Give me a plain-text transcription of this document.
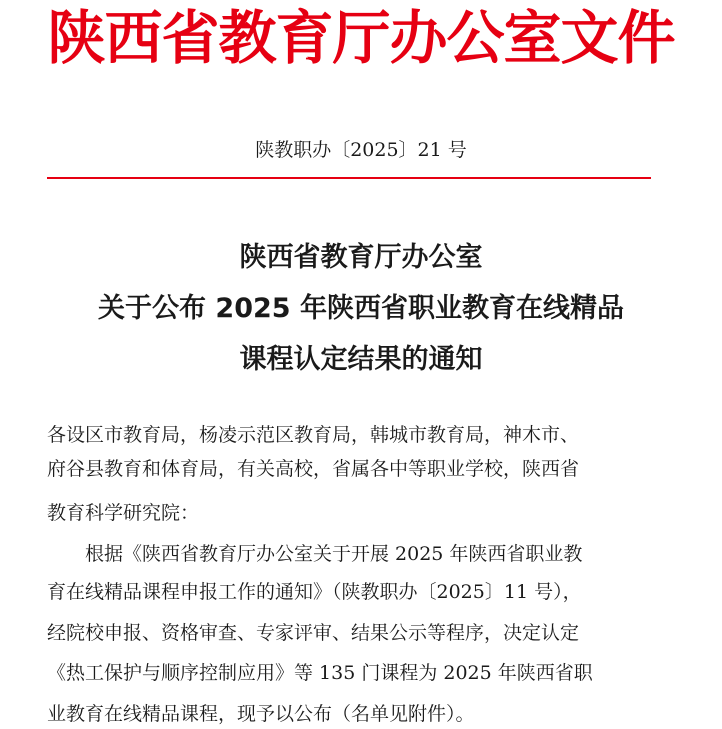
陕西省教育厅办公室文件
陕教职办〔2025〕21 号
陕西省教育厅办公室
关于公布 2025 年陕西省职业教育在线精品
课程认定结果的通知
各设区市教育局，杨凌示范区教育局，韩城市教育局，神木市、
府谷县教育和体育局，有关高校，省属各中等职业学校，陕西省
教育科学研究院：
　　根据《陕西省教育厅办公室关于开展 2025 年陕西省职业教
育在线精品课程申报工作的通知》（陕教职办〔2025〕11 号），
经院校申报、资格审查、专家评审、结果公示等程序，决定认定
《热工保护与顺序控制应用》等 135 门课程为 2025 年陕西省职
业教育在线精品课程，现予以公布（名单见附件）。
